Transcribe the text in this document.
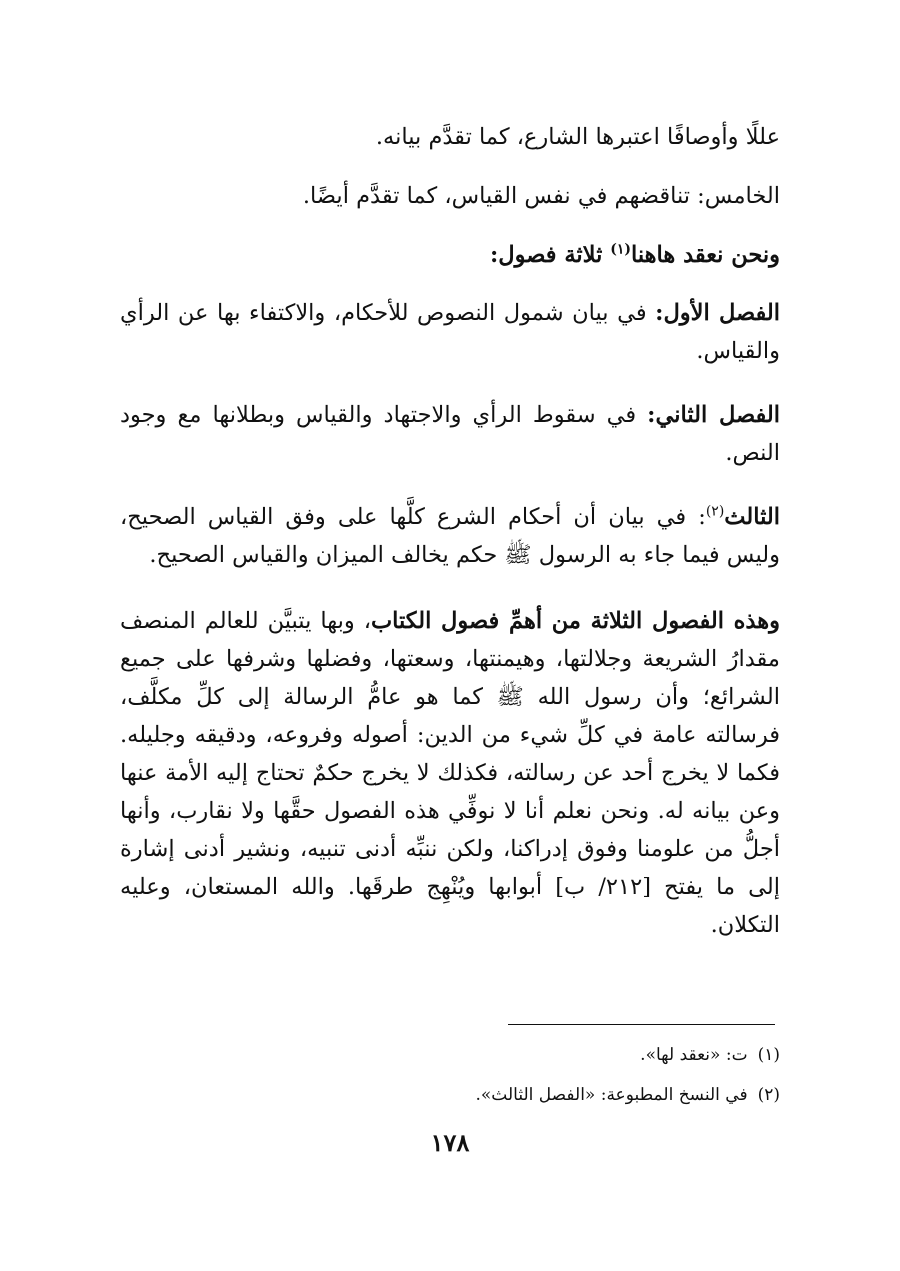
عللًا وأوصافًا اعتبرها الشارع، كما تقدَّم بيانه.

الخامس: تناقضهم في نفس القياس، كما تقدَّم أيضًا.

ونحن نعقد هاهنا$^{(١)}$ ثلاثة فصول:

الفصل الأول: في بيان شمول النصوص للأحكام، والاكتفاء بها عن الرأي والقياس.

الفصل الثاني: في سقوط الرأي والاجتهاد والقياس وبطلانها مع وجود النص.

الثالث$^{(٢)}$: في بيان أن أحكام الشرع كلَّها على وفق القياس الصحيح، وليس فيما جاء به الرسول ﷺ حكم يخالف الميزان والقياس الصحيح.

وهذه الفصول الثلاثة من أهمِّ فصول الكتاب، وبها يتبيَّن للعالم المنصف مقدارُ الشريعة وجلالتها، وهيمنتها، وسعتها، وفضلها وشرفها على جميع الشرائع؛ وأن رسول الله ﷺ كما هو عامُّ الرسالة إلى كلِّ مكلَّف، فرسالته عامة في كلِّ شيء من الدين: أصوله وفروعه، ودقيقه وجليله. فكما لا يخرج أحد عن رسالته، فكذلك لا يخرج حكمٌ تحتاج إليه الأمة عنها وعن بيانه له. ونحن نعلم أنا لا نوفِّي هذه الفصول حقَّها ولا نقارب، وأنها أجلُّ من علومنا وفوق إدراكنا، ولكن ننبِّه أدنى تنبيه، ونشير أدنى إشارة إلى ما يفتح [٢١٢/ ب] أبوابها ويُنْهِج طرقَها. والله المستعان، وعليه التكلان.

(١)ت: «نعقد لها».
(٢)في النسخ المطبوعة: «الفصل الثالث».
١٧٨
